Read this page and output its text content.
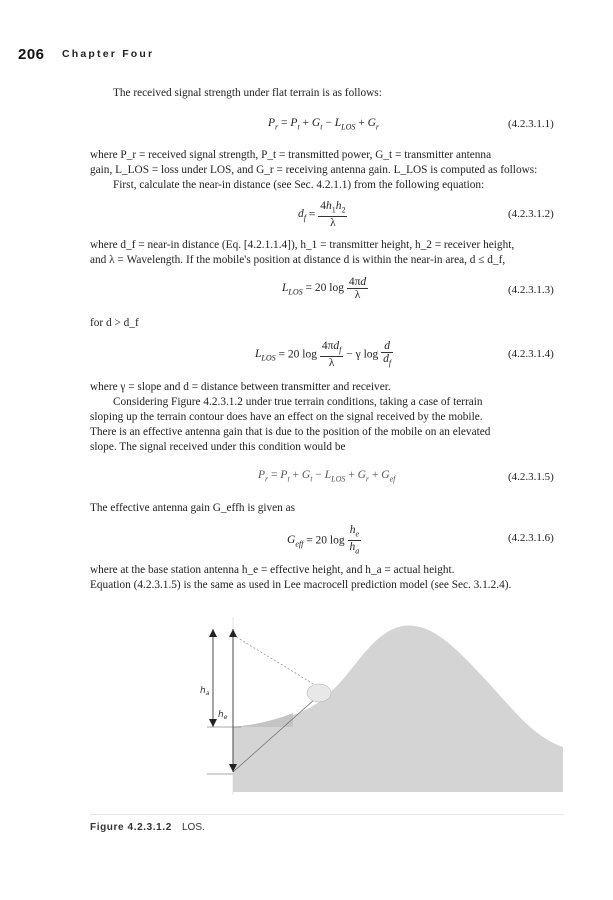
206 Chapter Four
The received signal strength under flat terrain is as follows:
$P_r = P_t + G_t - L_{LOS} + G_r$	(4.2.3.1.1)
where P_r = received signal strength, P_t = transmitted power, G_t = transmitter antenna
gain, L_LOS = loss under LOS, and G_r = receiving antenna gain. L_LOS is computed as follows:
First, calculate the near-in distance (see Sec. 4.2.1.1) from the following equation:
$d_f = \frac{4h_1h_2}{\lambda}$	(4.2.3.1.2)
where d_f = near-in distance (Eq. [4.2.1.1.4]), h_1 = transmitter height, h_2 = receiver height,
and λ = Wavelength. If the mobile's position at distance d is within the near-in area, d ≤ d_f,
$L_{LOS} = 20$ $\log \frac{4\pi d}{\lambda}$	(4.2.3.1.3)
for d > d_f
$L_{LOS} = 20$ $\log \frac{4\pi d_f}{\lambda} - \gamma$ $\log \frac{d}{d_f}$	(4.2.3.1.4)
where γ = slope and d = distance between transmitter and receiver.
Considering Figure 4.2.3.1.2 under true terrain conditions, taking a case of terrain
sloping up the terrain contour does have an effect on the signal received by the mobile.
There is an effective antenna gain that is due to the position of the mobile on an elevated
slope. The signal received under this condition would be
$P_r = P_t + G_t - L_{LOS} + G_r + G_{ef}$	(4.2.3.1.5)
The effective antenna gain G_effh is given as
$G_{eff} = 20$ $\log \frac{h_e}{h_a}$	(4.2.3.1.6)
where at the base station antenna h_e = effective height, and h_a = actual height.
Equation (4.2.3.1.5) is the same as used in Lee macrocell prediction model (see Sec. 3.1.2.4).
$h_a$
$h_e$
Figure 4.2.3.1.2 LOS.
